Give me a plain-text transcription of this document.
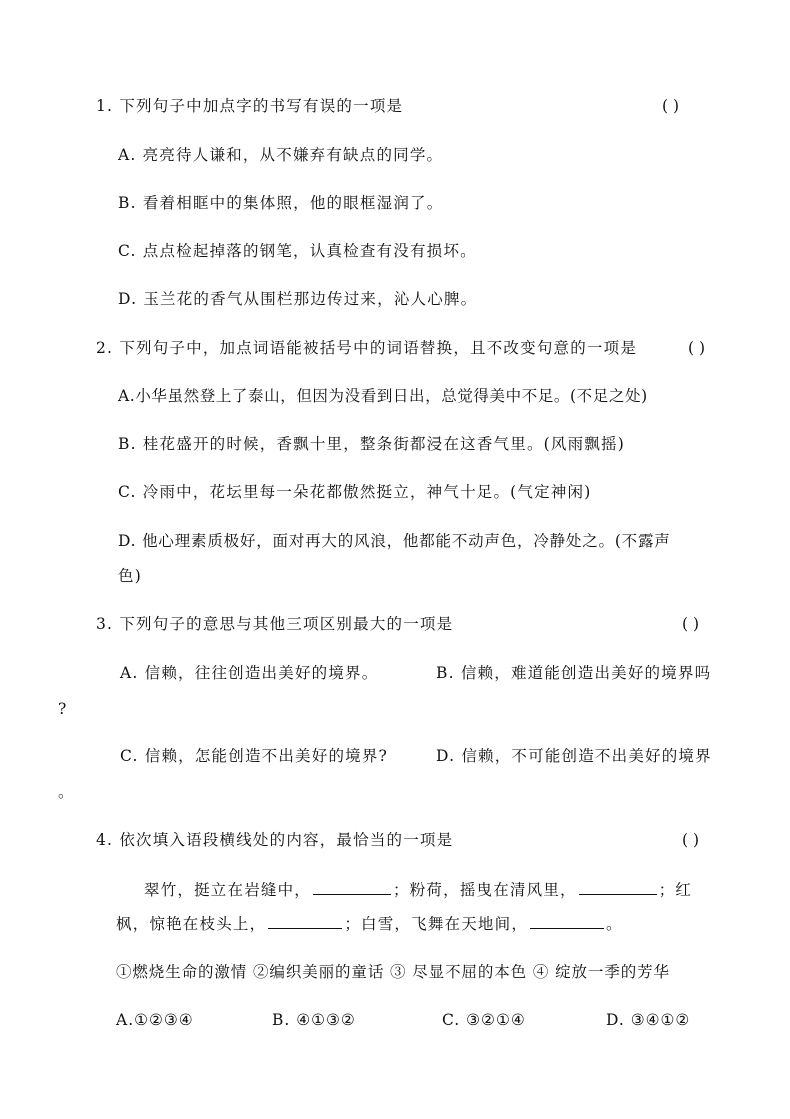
1. 下列句子中加点字的书写有误的一项是	( )
A. 亮亮待人谦和，从不嫌弃有缺点的同学。
B. 看着相眶中的集体照，他的眼框湿润了。
C. 点点检起掉落的钢笔，认真检查有没有损坏。
D. 玉兰花的香气从围栏那边传过来，沁人心脾。
2. 下列句子中，加点词语能被括号中的词语替换，且不改变句意的一项是	( )
A.小华虽然登上了泰山，但因为没看到日出，总觉得美中不足。(不足之处)
B. 桂花盛开的时候，香飘十里，整条街都浸在这香气里。(风雨飘摇)
C. 冷雨中，花坛里每一朵花都傲然挺立，神气十足。(气定神闲)
D. 他心理素质极好，面对再大的风浪，他都能不动声色，冷静处之。(不露声
色)
3. 下列句子的意思与其他三项区别最大的一项是	( )
A. 信赖，往往创造出美好的境界。	B. 信赖，难道能创造出美好的境界吗
?
C. 信赖，怎能创造不出美好的境界?	D. 信赖，不可能创造不出美好的境界
。
4. 依次填入语段横线处的内容，最恰当的一项是	( )
翠竹，挺立在岩缝中，	；粉荷，摇曳在清风里，	；红
枫，惊艳在枝头上，	；白雪，飞舞在天地间，	。
①燃烧生命的激情 ②编织美丽的童话 ③ 尽显不屈的本色 ④ 绽放一季的芳华
A.①②③④	B. ④①③②	C. ③②①④	D. ③④①②
